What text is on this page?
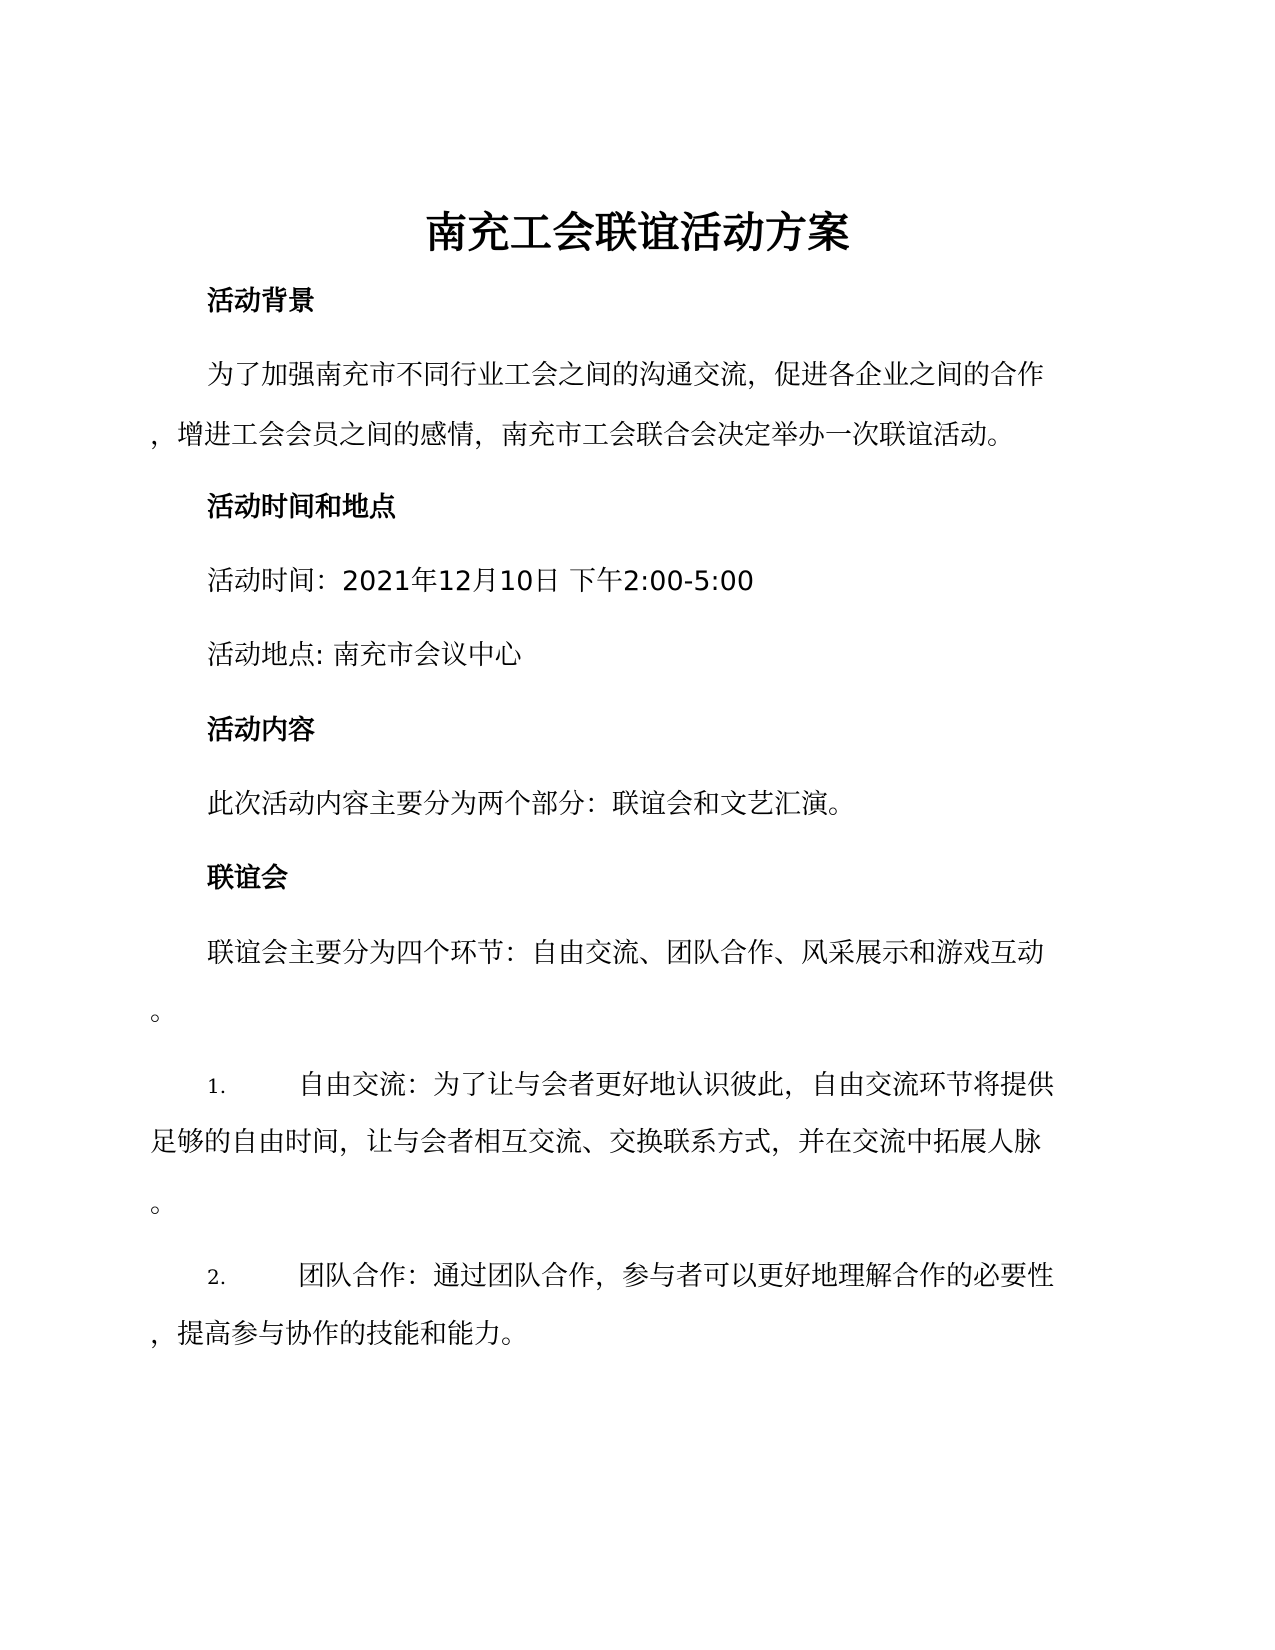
南充工会联谊活动方案
活动背景
为了加强南充市不同行业工会之间的沟通交流，促进各企业之间的合作
，增进工会会员之间的感情，南充市工会联合会决定举办一次联谊活动。
活动时间和地点
活动时间：2021年12月10日 下午2:00-5:00
活动地点: 南充市会议中心
活动内容
此次活动内容主要分为两个部分：联谊会和文艺汇演。
联谊会
联谊会主要分为四个环节：自由交流、团队合作、风采展示和游戏互动
。
1.	自由交流：为了让与会者更好地认识彼此，自由交流环节将提供
足够的自由时间，让与会者相互交流、交换联系方式，并在交流中拓展人脉
。
2.	团队合作：通过团队合作，参与者可以更好地理解合作的必要性
，提高参与协作的技能和能力。
